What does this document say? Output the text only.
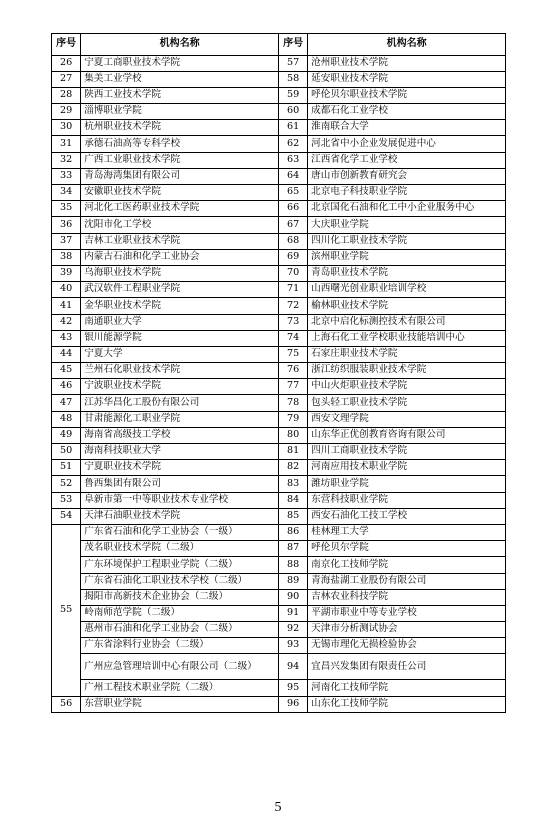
序号	机构名称	序号	机构名称
26	宁夏工商职业技术学院	57	沧州职业技术学院
27	集美工业学校	58	延安职业技术学院
28	陕西工业技术学院	59	呼伦贝尔职业技术学院
29	淄博职业学院	60	成都石化工业学校
30	杭州职业技术学院	61	淮南联合大学
31	承德石油高等专科学校	62	河北省中小企业发展促进中心
32	广西工业职业技术学院	63	江西省化学工业学校
33	青岛海湾集团有限公司	64	唐山市创新教育研究会
34	安徽职业技术学院	65	北京电子科技职业学院
35	河北化工医药职业技术学院	66	北京国化石油和化工中小企业服务中心
36	沈阳市化工学校	67	大庆职业学院
37	吉林工业职业技术学院	68	四川化工职业技术学院
38	内蒙古石油和化学工业协会	69	滨州职业学院
39	乌海职业技术学院	70	青岛职业技术学院
40	武汉软件工程职业学院	71	山西曙光创业职业培训学校
41	金华职业技术学院	72	榆林职业技术学院
42	南通职业大学	73	北京中启化标测控技术有限公司
43	银川能源学院	74	上海石化工业学校职业技能培训中心
44	宁夏大学	75	石家庄职业技术学院
45	兰州石化职业技术学院	76	浙江纺织服装职业技术学院
46	宁波职业技术学院	77	中山火炬职业技术学院
47	江苏华昌化工股份有限公司	78	包头轻工职业技术学院
48	甘肃能源化工职业学院	79	西安文理学院
49	海南省高级技工学校	80	山东华正优创教育咨询有限公司
50	海南科技职业大学	81	四川工商职业技术学院
51	宁夏职业技术学院	82	河南应用技术职业学院
52	鲁西集团有限公司	83	潍坊职业学院
53	阜新市第一中等职业技术专业学校	84	东营科技职业学院
54	天津石油职业技术学院	85	西安石油化工技工学校
55	广东省石油和化学工业协会（一级）	86	桂林理工大学
	茂名职业技术学院（二级）	87	呼伦贝尔学院
	广东环境保护工程职业学院（二级）	88	南京化工技师学院
	广东省石油化工职业技术学校（二级）	89	青海盐湖工业股份有限公司
	揭阳市高新技术企业协会（二级）	90	吉林农业科技学院
	岭南师范学院（二级）	91	平湖市职业中等专业学校
	惠州市石油和化学工业协会（二级）	92	天津市分析测试协会
	广东省涂料行业协会（二级）	93	无锡市理化无损检验协会
	广州应急管理培训中心有限公司（二级）	94	宜昌兴发集团有限责任公司
	广州工程技术职业学院（二级）	95	河南化工技师学院
56	东营职业学院	96	山东化工技师学院
5
